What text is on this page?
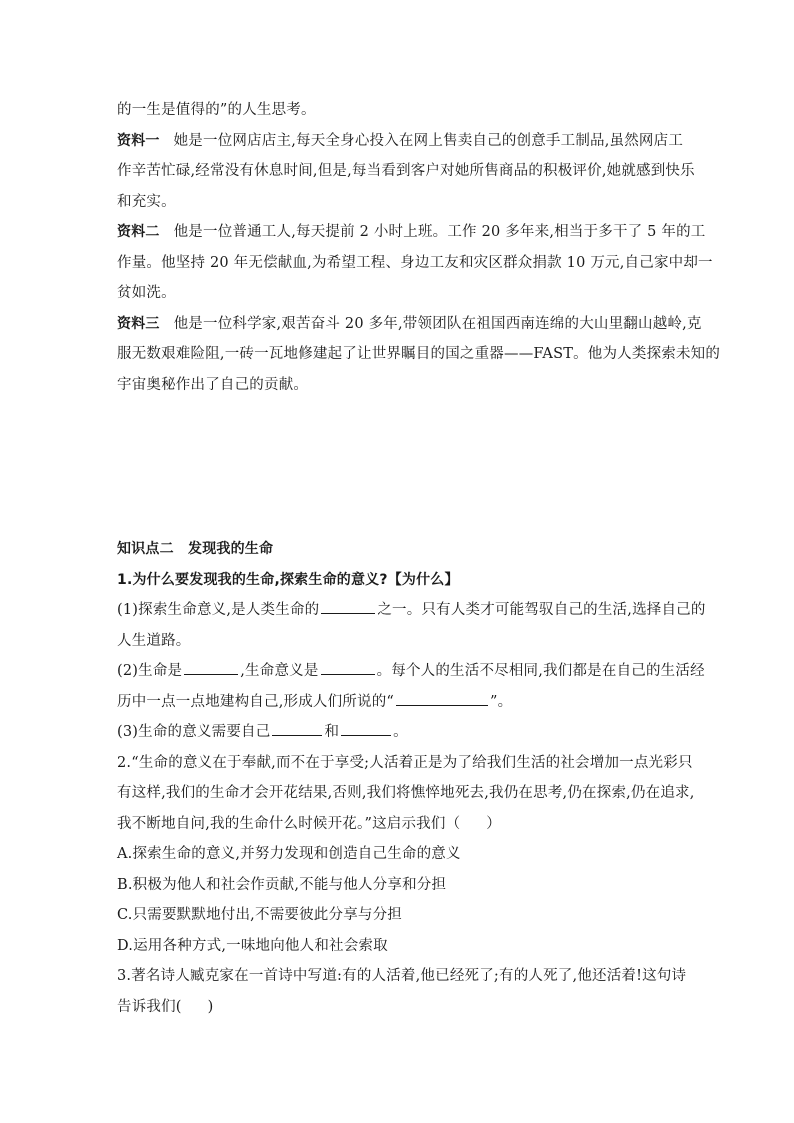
的一生是值得的”的人生思考。
资料一 她是一位网店店主,每天全身心投入在网上售卖自己的创意手工制品,虽然网店工
作辛苦忙碌,经常没有休息时间,但是,每当看到客户对她所售商品的积极评价,她就感到快乐
和充实。
资料二 他是一位普通工人,每天提前 2 小时上班。工作 20 多年来,相当于多干了 5 年的工
作量。他坚持 20 年无偿献血,为希望工程、身边工友和灾区群众捐款 10 万元,自己家中却一
贫如洗。
资料三 他是一位科学家,艰苦奋斗 20 多年,带领团队在祖国西南连绵的大山里翻山越岭,克
服无数艰难险阻,一砖一瓦地修建起了让世界瞩目的国之重器——FAST。他为人类探索未知的
宇宙奥秘作出了自己的贡献。
知识点二　发现我的生命
1.为什么要发现我的生命,探索生命的意义?【为什么】
(1)探索生命意义,是人类生命的	之一。只有人类才可能驾驭自己的生活,选择自己的
人生道路。
(2)生命是	,生命意义是	。每个人的生活不尽相同,我们都是在自己的生活经
历中一点一点地建构自己,形成人们所说的“	”。
(3)生命的意义需要自己	和	。
2.“生命的意义在于奉献,而不在于享受;人活着正是为了给我们生活的社会增加一点光彩只
有这样,我们的生命才会开花结果,否则,我们将憔悴地死去,我仍在思考,仍在探索,仍在追求,
我不断地自问,我的生命什么时候开花。”这启示我们（ ）
A.探索生命的意义,并努力发现和创造自己生命的意义
B.积极为他人和社会作贡献,不能与他人分享和分担
C.只需要默默地付出,不需要彼此分享与分担
D.运用各种方式,一味地向他人和社会索取
3.著名诗人臧克家在一首诗中写道:有的人活着,他已经死了;有的人死了,他还活着!这句诗
告诉我们( )
